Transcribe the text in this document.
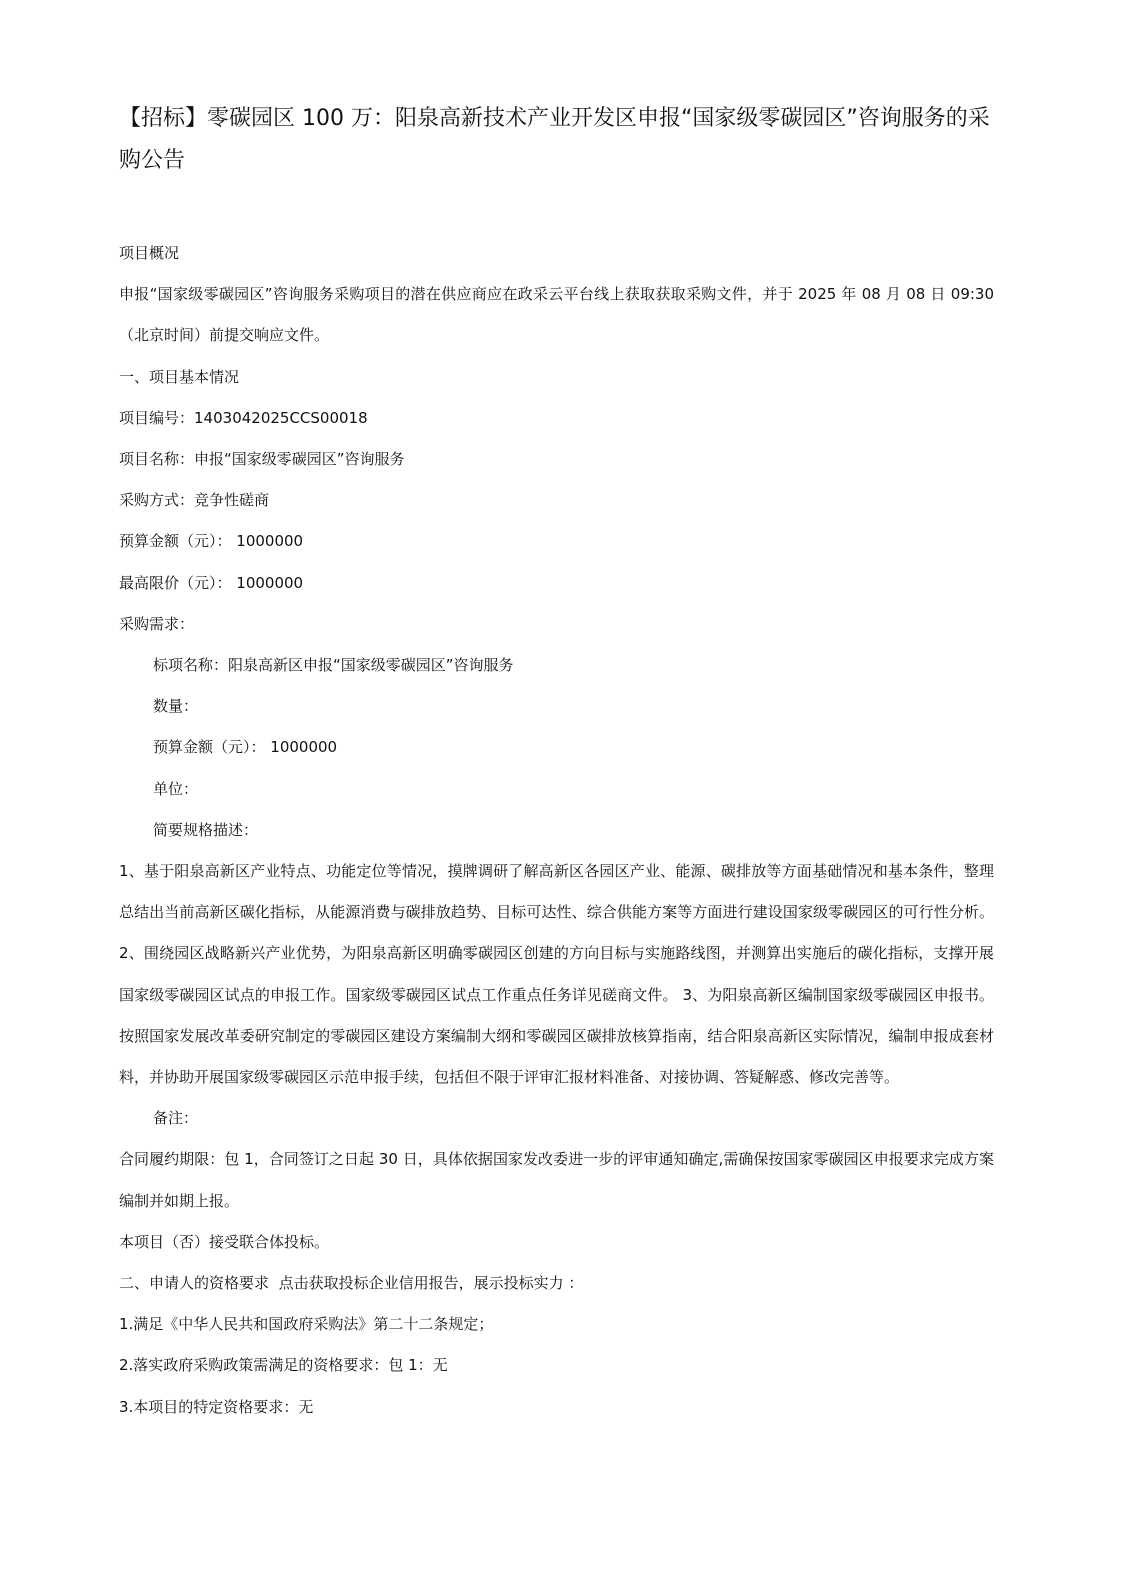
【招标】零碳园区 100 万：阳泉高新技术产业开发区申报“国家级零碳园区”咨询服务的采购公告

项目概况

申报“国家级零碳园区”咨询服务采购项目的潜在供应商应在政采云平台线上获取获取采购文件，并于 2025 年 08 月 08 日 09:30（北京时间）前提交响应文件。

一、项目基本情况

项目编号：1403042025CCS00018

项目名称：申报“国家级零碳园区”咨询服务

采购方式：竞争性磋商

预算金额（元）： 1000000

最高限价（元）： 1000000

采购需求：

标项名称：阳泉高新区申报“国家级零碳园区”咨询服务

数量：

预算金额（元）： 1000000

单位：

简要规格描述：

1、基于阳泉高新区产业特点、功能定位等情况，摸牌调研了解高新区各园区产业、能源、碳排放等方面基础情况和基本条件，整理总结出当前高新区碳化指标，从能源消费与碳排放趋势、目标可达性、综合供能方案等方面进行建设国家级零碳园区的可行性分析。 2、围绕园区战略新兴产业优势，为阳泉高新区明确零碳园区创建的方向目标与实施路线图，并测算出实施后的碳化指标，支撑开展国家级零碳园区试点的申报工作。国家级零碳园区试点工作重点任务详见磋商文件。 3、为阳泉高新区编制国家级零碳园区申报书。按照国家发展改革委研究制定的零碳园区建设方案编制大纲和零碳园区碳排放核算指南，结合阳泉高新区实际情况，编制申报成套材料，并协助开展国家级零碳园区示范申报手续，包括但不限于评审汇报材料准备、对接协调、答疑解惑、修改完善等。

备注：

合同履约期限：包 1，合同签订之日起 30 日，具体依据国家发改委进一步的评审通知确定,需确保按国家零碳园区申报要求完成方案编制并如期上报。

本项目（否）接受联合体投标。

二、申请人的资格要求 点击获取投标企业信用报告，展示投标实力 ：

1.满足《中华人民共和国政府采购法》第二十二条规定；

2.落实政府采购政策需满足的资格要求：包 1：无

3.本项目的特定资格要求：无
